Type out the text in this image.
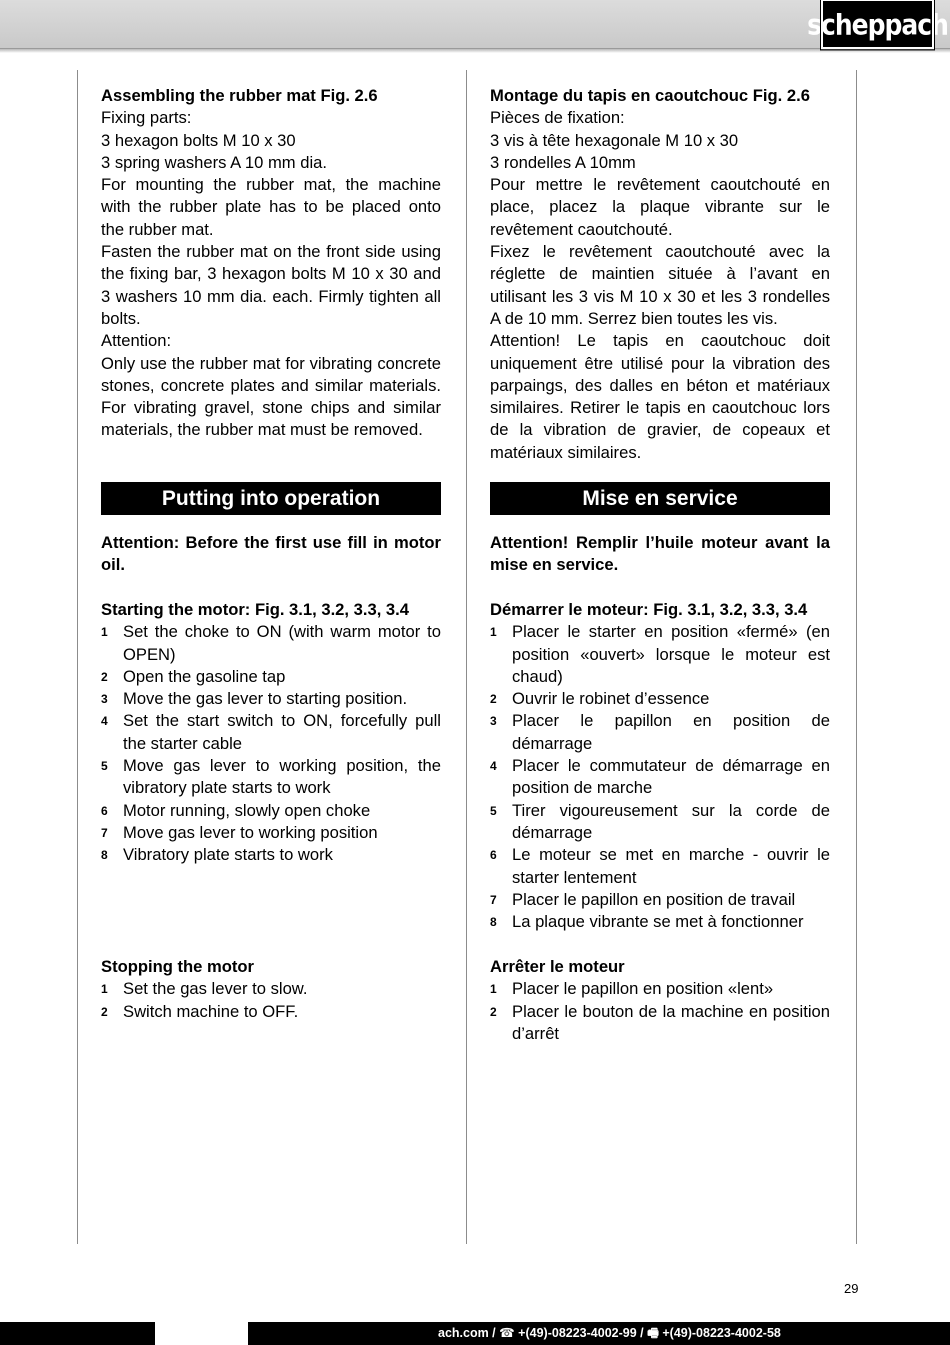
scheppach

Assembling the rubber mat Fig. 2.6

Fixing parts:

3 hexagon bolts M 10 x 30

3 spring washers A 10 mm dia.

For mounting the rubber mat, the machine with the rubber plate has to be placed onto the rubber mat.

Fasten the rubber mat on the front side using the fixing bar, 3 hexagon bolts M 10 x 30 and 3 washers 10 mm dia. each. Firmly tighten all bolts.

Attention:

Only use the rubber mat for vibrating concrete stones, concrete plates and similar materials. For vibrating gravel, stone chips and similar materials, the rubber mat must be removed.

Putting into operation

Attention: Before the first use fill in motor oil.

Starting the motor: Fig. 3.1, 3.2, 3.3, 3.4

1 Set the choke to ON (with warm motor to OPEN)
2 Open the gasoline tap
3 Move the gas lever to starting position.
4 Set the start switch to ON, forcefully pull the starter cable
5 Move gas lever to working position, the vibratory plate starts to work
6 Motor running, slowly open choke
7 Move gas lever to working position
8 Vibratory plate starts to work

Stopping the motor

1 Set the gas lever to slow.
2 Switch machine to OFF.

Montage du tapis en caoutchouc Fig. 2.6

Pièces de fixation:

3 vis à tête hexagonale M 10 x 30

3 rondelles A 10mm

Pour mettre le revêtement caoutchouté en place, placez la plaque vibrante sur le revêtement caoutchouté.

Fixez le revêtement caoutchouté avec la réglette de maintien située à l’avant en utilisant les 3 vis M 10 x 30 et les 3 rondelles A de 10 mm. Serrez bien toutes les vis.

Attention! Le tapis en caoutchouc doit uniquement être utilisé pour la vibration des parpaings, des dalles en béton et matériaux similaires. Retirer le tapis en caoutchouc lors de la vibration de gravier, de copeaux et matériaux similaires.

Mise en service

Attention! Remplir l’huile moteur avant la mise en service.

Démarrer le moteur: Fig. 3.1, 3.2, 3.3, 3.4

1 Placer le starter en position «fermé» (en position «ouvert» lorsque le moteur est chaud)
2 Ouvrir le robinet d’essence
3 Placer le papillon en position de démarrage
4 Placer le commutateur de démarrage en position de marche
5 Tirer vigoureusement sur la corde de démarrage
6 Le moteur se met en marche - ouvrir le starter lentement
7 Placer le papillon en position de travail
8 La plaque vibrante se met à fonctionner

Arrêter le moteur

1 Placer le papillon en position «lent»
2 Placer le bouton de la machine en position d’arrêt
29
ach.com / ☎ +(49)-08223-4002-99 / 🖷 +(49)-08223-4002-58
